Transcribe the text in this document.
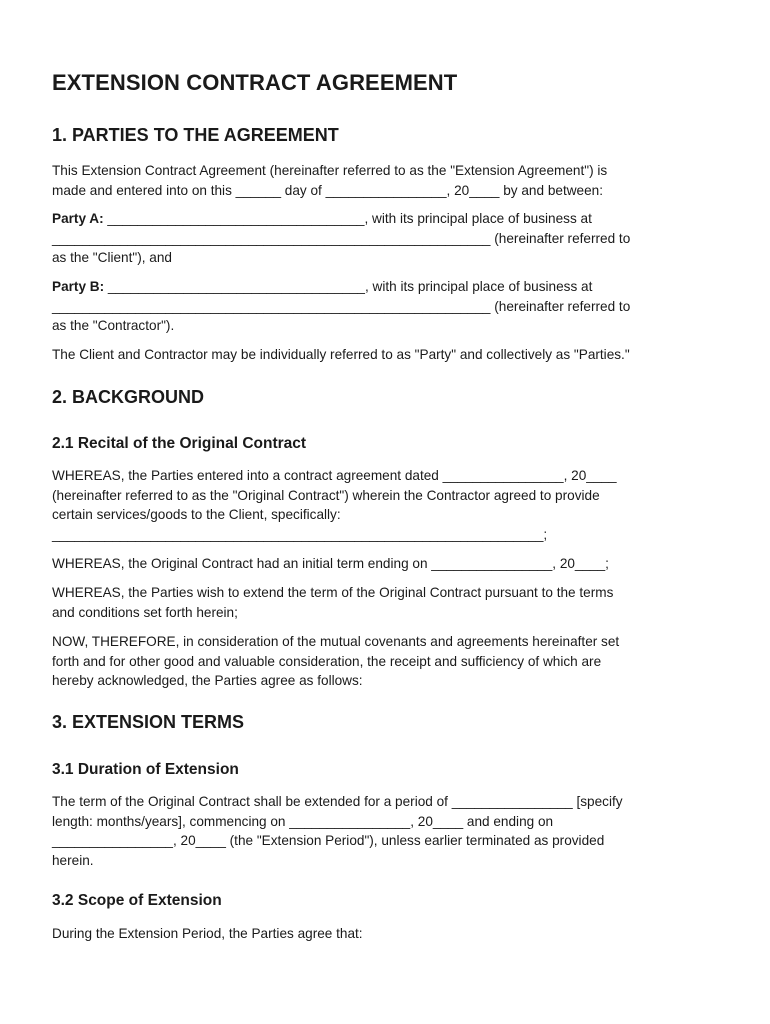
EXTENSION CONTRACT AGREEMENT
1. PARTIES TO THE AGREEMENT

This Extension Contract Agreement (hereinafter referred to as the "Extension Agreement") is
made and entered into on this ______ day of ________________, 20____ by and between:

Party A: __________________________________, with its principal place of business at
__________________________________________________________ (hereinafter referred to
as the "Client"), and

Party B: __________________________________, with its principal place of business at
__________________________________________________________ (hereinafter referred to
as the "Contractor").

The Client and Contractor may be individually referred to as "Party" and collectively as "Parties."

2. BACKGROUND
2.1 Recital of the Original Contract

WHEREAS, the Parties entered into a contract agreement dated ________________, 20____
(hereinafter referred to as the "Original Contract") wherein the Contractor agreed to provide
certain services/goods to the Client, specifically:
_________________________________________________________________;

WHEREAS, the Original Contract had an initial term ending on ________________, 20____;

WHEREAS, the Parties wish to extend the term of the Original Contract pursuant to the terms
and conditions set forth herein;

NOW, THEREFORE, in consideration of the mutual covenants and agreements hereinafter set
forth and for other good and valuable consideration, the receipt and sufficiency of which are
hereby acknowledged, the Parties agree as follows:

3. EXTENSION TERMS
3.1 Duration of Extension

The term of the Original Contract shall be extended for a period of ________________ [specify
length: months/years], commencing on ________________, 20____ and ending on
________________, 20____ (the "Extension Period"), unless earlier terminated as provided
herein.

3.2 Scope of Extension

During the Extension Period, the Parties agree that:
